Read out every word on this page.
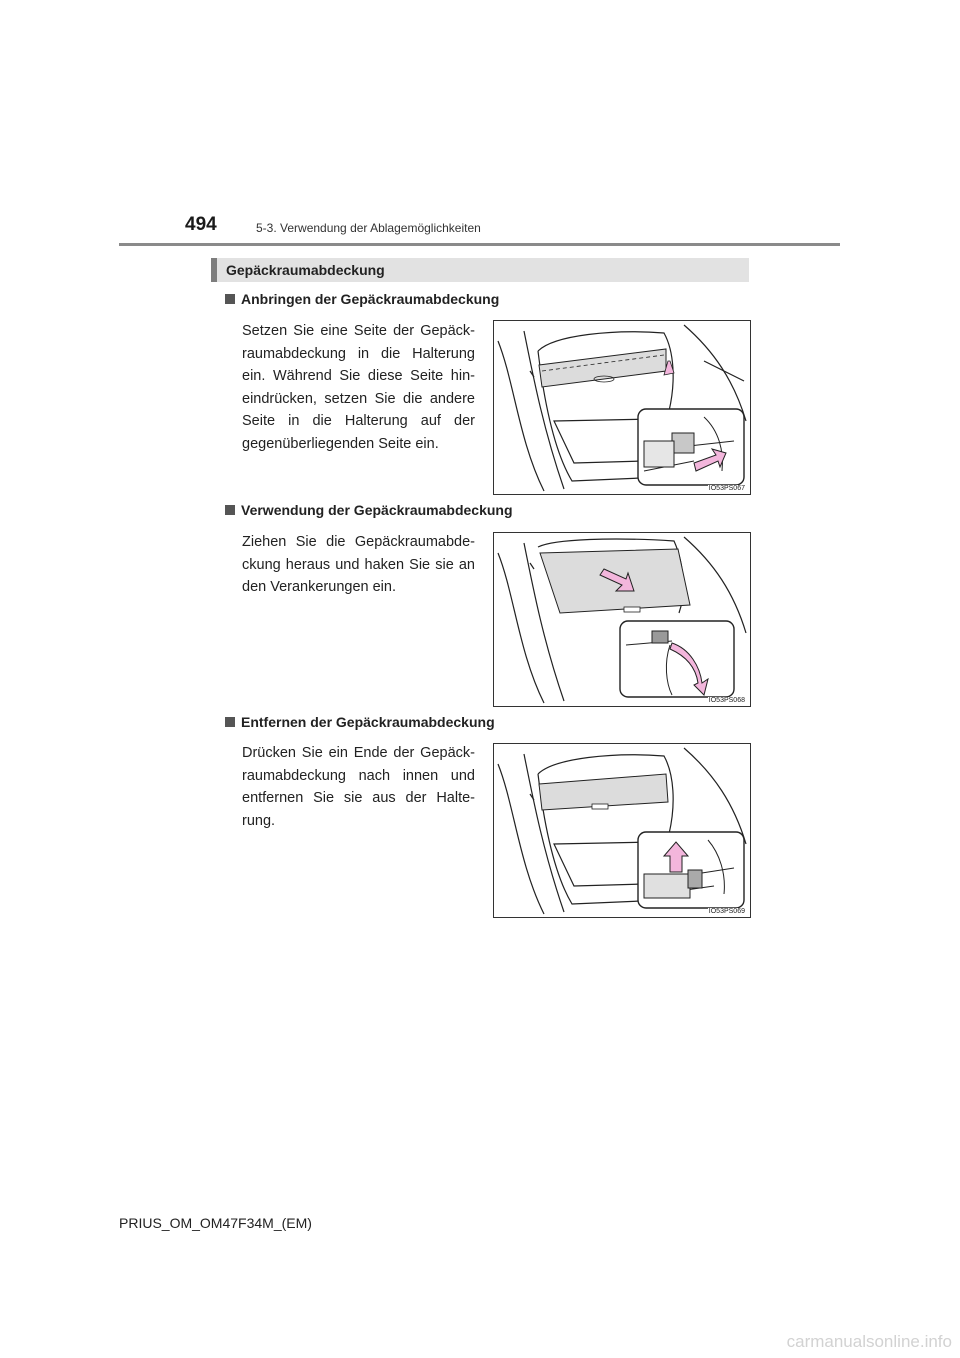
494	5-3. Verwendung der Ablagemöglichkeiten
Gepäckraumabdeckung
Anbringen der Gepäckraumabdeckung
Setzen Sie eine Seite der Gepäck-
raumabdeckung in die Halterung
ein. Während Sie diese Seite hin-
eindrücken, setzen Sie die andere
Seite in die Halterung auf der
gegenüberliegenden Seite ein.
IO53PS067
Verwendung der Gepäckraumabdeckung
Ziehen Sie die Gepäckraumabde-
ckung heraus und haken Sie sie an
den Verankerungen ein.
IO53PS068
Entfernen der Gepäckraumabdeckung
Drücken Sie ein Ende der Gepäck-
raumabdeckung nach innen und
entfernen Sie sie aus der Halte-
rung.
IO53PS069
PRIUS_OM_OM47F34M_(EM)
carmanualsonline.info
